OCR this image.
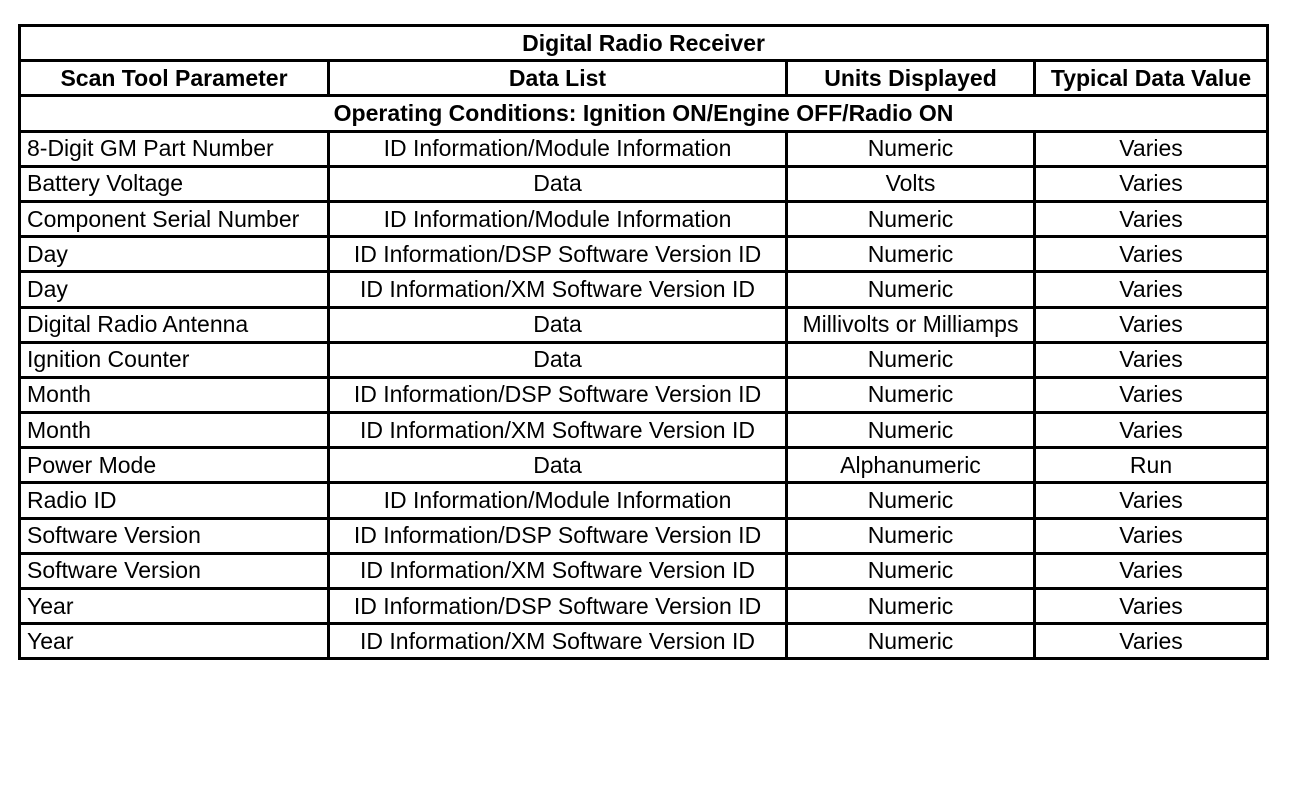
Digital Radio Receiver			
Scan Tool Parameter	Data List	Units Displayed	Typical Data Value
Operating Conditions: Ignition ON/Engine OFF/Radio ON			
8-Digit GM Part Number	ID Information/Module Information	Numeric	Varies
Battery Voltage	Data	Volts	Varies
Component Serial Number	ID Information/Module Information	Numeric	Varies
Day	ID Information/DSP Software Version ID	Numeric	Varies
Day	ID Information/XM Software Version ID	Numeric	Varies
Digital Radio Antenna	Data	Millivolts or Milliamps	Varies
Ignition Counter	Data	Numeric	Varies
Month	ID Information/DSP Software Version ID	Numeric	Varies
Month	ID Information/XM Software Version ID	Numeric	Varies
Power Mode	Data	Alphanumeric	Run
Radio ID	ID Information/Module Information	Numeric	Varies
Software Version	ID Information/DSP Software Version ID	Numeric	Varies
Software Version	ID Information/XM Software Version ID	Numeric	Varies
Year	ID Information/DSP Software Version ID	Numeric	Varies
Year	ID Information/XM Software Version ID	Numeric	Varies
